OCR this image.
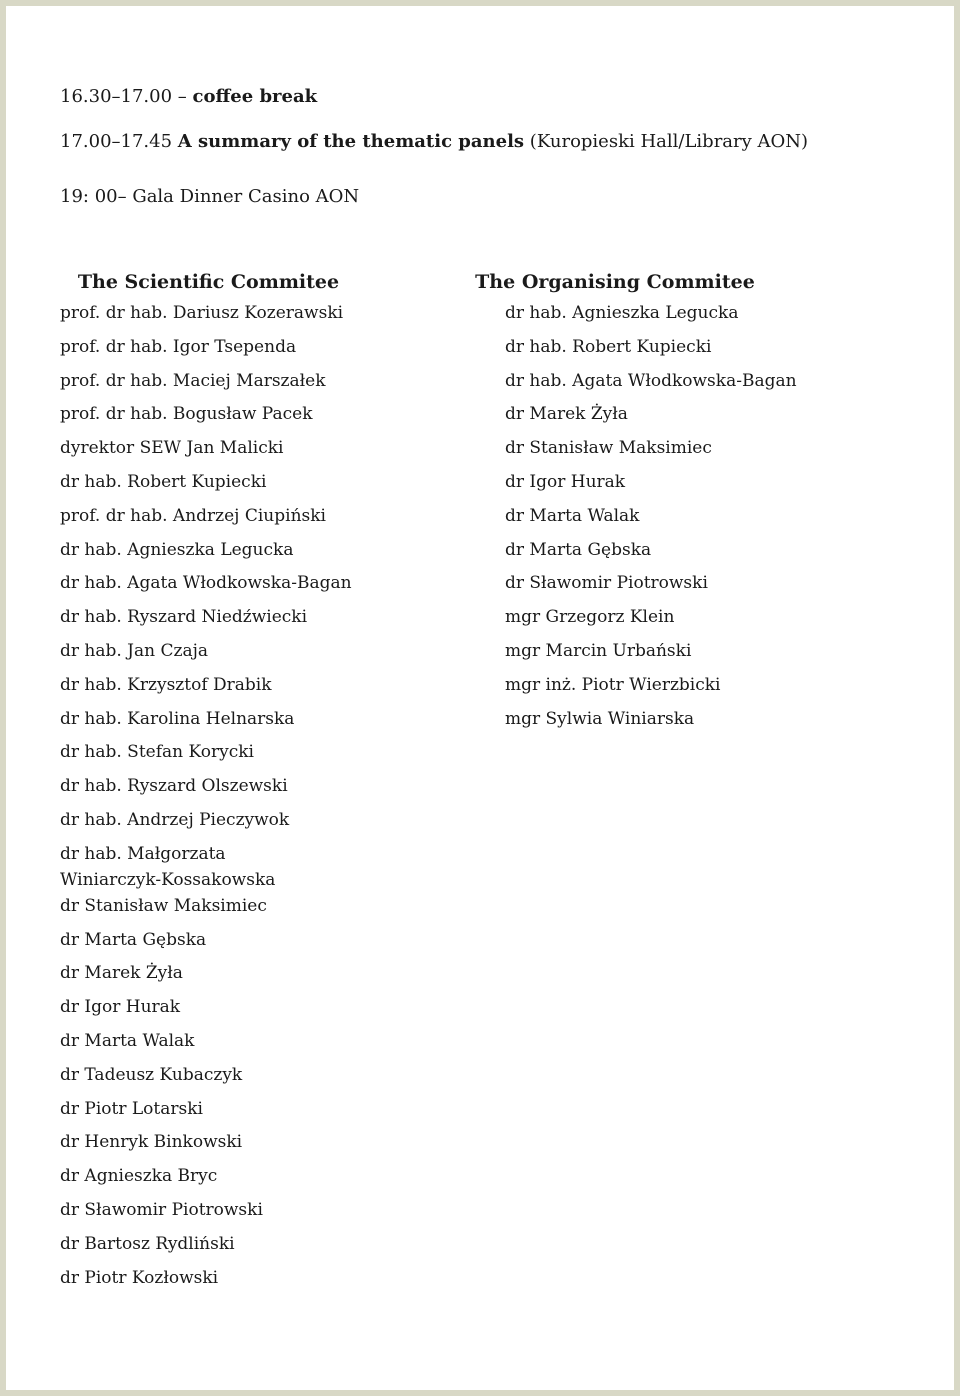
16.30–17.00 – coffee break
17.00–17.45 A summary of the thematic panels (Kuropieski Hall/Library AON)
19: 00– Gala Dinner Casino AON
The Scientific Commitee
prof. dr hab. Dariusz Kozerawski
prof. dr hab. Igor Tsependa
prof. dr hab. Maciej Marszałek
prof. dr hab. Bogusław Pacek
dyrektor SEW Jan Malicki
dr hab. Robert Kupiecki
prof. dr hab. Andrzej Ciupiński
dr hab. Agnieszka Legucka
dr hab. Agata Włodkowska-Bagan
dr hab. Ryszard Niedźwiecki
dr hab. Jan Czaja
dr hab. Krzysztof Drabik
dr hab. Karolina Helnarska
dr hab. Stefan Korycki
dr hab. Ryszard Olszewski
dr hab. Andrzej Pieczywok
dr hab. Małgorzata Winiarczyk-Kossakowska
dr Stanisław Maksimiec
dr Marta Gębska
dr Marek Żyła
dr Igor Hurak
dr Marta Walak
dr Tadeusz Kubaczyk
dr Piotr Lotarski
dr Henryk Binkowski
dr Agnieszka Bryc
dr Sławomir Piotrowski
dr Bartosz Rydliński
dr Piotr Kozłowski
The Organising Commitee
dr hab. Agnieszka Legucka
dr hab. Robert Kupiecki
dr hab. Agata Włodkowska-Bagan
dr Marek Żyła
dr Stanisław Maksimiec
dr Igor Hurak
dr Marta Walak
dr Marta Gębska
dr Sławomir Piotrowski
mgr Grzegorz Klein
mgr Marcin Urbański
mgr inż. Piotr Wierzbicki
mgr Sylwia Winiarska
